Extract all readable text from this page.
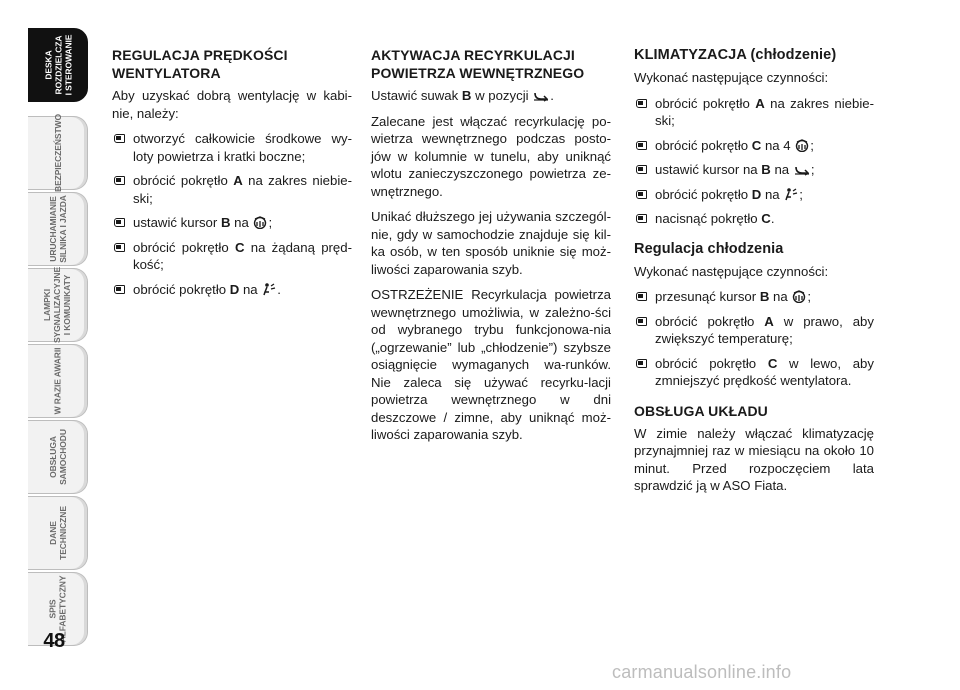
DESKA
ROZDZIELCZA
I STEROWANIE
BEZPIECZEŃSTWO
URUCHAMIANIE
SILNIKA I JAZDA
LAMPKI
SYGNALIZACYJNE
I KOMUNIKATY
W RAZIE AWARII
OBSŁUGA
SAMOCHODU
DANE
TECHNICZNE
SPIS
ALFABETYCZNY
48
REGULACJA PRĘDKOŚCI WENTYLATORA
Aby uzyskać dobrą wentylację w kabi-nie, należy:
otworzyć całkowicie środkowe wy-loty powietrza i kratki boczne;
obrócić pokrętło A na zakres niebie-ski;
ustawić kursor B na ;
obrócić pokrętło C na żądaną pręd-kość;
obrócić pokrętło D na .
AKTYWACJA RECYRKULACJI POWIETRZA WEWNĘTRZNEGO
Ustawić suwak B w pozycji .
Zalecane jest włączać recyrkulację po-wietrza wewnętrznego podczas posto-jów w kolumnie w tunelu, aby uniknąć wlotu zanieczyszczonego powietrza ze-wnętrznego.
Unikać dłuższego jej używania szczegól-nie, gdy w samochodzie znajduje się kil-ka osób, w ten sposób uniknie się moż-liwości zaparowania szyb.
OSTRZEŻENIE Recyrkulacja powietrza wewnętrznego umożliwia, w zależno-ści od wybranego trybu funkcjonowa-nia („ogrzewanie” lub „chłodzenie”) szybsze osiągnięcie wymaganych wa-runków. Nie zaleca się używać recyrku-lacji powietrza wewnętrznego w dni deszczowe / zimne, aby uniknąć moż-liwości zaparowania szyb.
KLIMATYZACJA (chłodzenie)
Wykonać następujące czynności:
obrócić pokrętło A na zakres niebie-ski;
obrócić pokrętło C na 4 ;
ustawić kursor na B na ;
obrócić pokrętło D na ;
nacisnąć pokrętło C.
Regulacja chłodzenia
Wykonać następujące czynności:
przesunąć kursor B na ;
obrócić pokrętło A w prawo, aby zwiększyć temperaturę;
obrócić pokrętło C w lewo, aby zmniejszyć prędkość wentylatora.
OBSŁUGA UKŁADU
W zimie należy włączać klimatyzację przynajmniej raz w miesiącu na około 10 minut. Przed rozpoczęciem lata sprawdzić ją w ASO Fiata.
carmanualsonline.info
